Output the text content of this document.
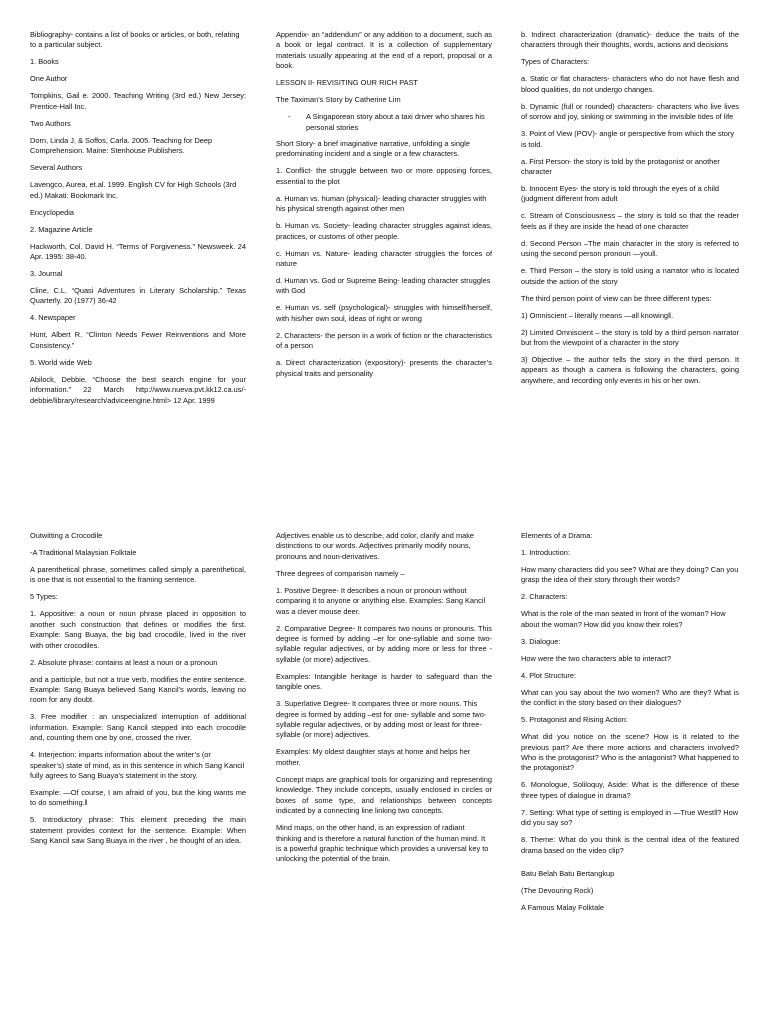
Bibliography- contains a list of books or articles, or both, relating to a particular subject.

1. Books

One Author

Tompkins, Gail e. 2000. Teaching Writing (3rd ed.) New Jersey: Prentice-Hall Inc.

Two Authors

Dorn, Linda J. & Soffos, Carla. 2005. Teaching for Deep Comprehension. Maine: Stenhouse Publishers.

Several Authors

Lavengco, Aurea, et.al. 1999. English CV for High Schools (3rd ed.) Makati: Bookmark Inc.

Encyclopedia

2. Magazine Article

Hackworth, Col. David H. “Terms of Forgiveness.” Newsweek. 24 Apr. 1995: 38-40.

3. Journal

Cline, C.L. “Quasi Adventures in Literary Scholarship.” Texas Quarterly. 20 (1977) 36-42

4. Newspaper

Hunt, Albert R. “Clinton Needs Fewer Reinventions and More Consistency.”

5. World wide Web

Abilock, Debbie. “Choose the best search engine for your information.” 22 March http://www.nueva.pvt.kk12.ca.us/-debbie/library/research/adviceengine.html> 12 Apr. 1999

Appendix- an “addendum” or any addition to a document, such as a book or legal contract. It is a collection of supplementary materials usually appearing at the end of a report, proposal or a book.

LESSON II- REVISITING OUR RICH PAST

The Taximan’s Story by Catherine Lim

- A Singaporean story about a taxi driver who shares his personal stories

Short Story- a brief imaginative narrative, unfolding a single predominating incident and a single or a few characters.

1. Conflict- the struggle between two or more opposing forces, essential to the plot

a. Human vs. human (physical)- leading character struggles with his physical strength against other men

b. Human vs. Society- leading character struggles against ideas, practices, or customs of other people.

c. Human vs. Nature- leading character struggles the forces of nature

d. Human vs. God or Supreme Being- leading character struggles with God

e. Human vs. self (psychological)- struggles with himself/herself, with his/her own soul, ideas of right or wrong

2. Characters- the person in a work of fiction or the characteristics of a person

a. Direct characterization (expository)- presents the character’s physical traits and personality

b. Indirect characterization (dramatic)- deduce the traits of the characters through their thoughts, words, actions and decisions

Types of Characters:

a. Static or flat characters- characters who do not have flesh and blood qualities, do not undergo changes.

b. Dynamic (full or rounded) characters- characters who live lives of sorrow and joy, sinking or swimming in the invisible tides of life

3. Point of View (POV)- angle or perspective from which the story is told.

a. First Person- the story is told by the protagonist or another character

b. Innocent Eyes- the story is told through the eyes of a child (judgment different from adult

c. Stream of Consciousness – the story is told so that the reader feels as if they are inside the head of one character

d. Second Person –The main character in the story is referred to using the second person pronoun ―you‖.

e. Third Person – the story is told using a narrator who is located outside the action of the story

The third person point of view can be three different types:

1) Omniscient – literally means ―all knowing‖.

2) Limited Omniscient – the story is told by a third person narrator but from the viewpoint of a character in the story

3) Objective – the author tells the story in the third person. It appears as though a camera is following the characters, going anywhere, and recording only events in his or her own.

Outwitting a Crocodile

-A Traditional Malaysian Folktale

A parenthetical phrase, sometimes called simply a parenthetical, is one that is not essential to the framing sentence.

5 Types:

1. Appositive: a noun or noun phrase placed in opposition to another such construction that defines or modifies the first. Example: Sang Buaya, the big bad crocodile, lived in the river with other crocodiles.

2. Absolute phrase: contains at least a noun or a pronoun

and a participle, but not a true verb, modifies the entire sentence. Example: Sang Buaya believed Sang Kancil’s words, leaving no room for any doubt.

3. Free modifier : an unspecialized interruption of additional information. Example: Sang Kancil stepped into each crocodile and, counting them one by one, crossed the river.

4. Interjection: imparts information about the writer’s (or speaker’s) state of mind, as in this sentence in which Sang Kancil fully agrees to Sang Buaya’s statement in the story.

Example: ―Of course, I am afraid of you, but the king wants me to do something.‖

5. Introductory phrase: This element preceding the main statement provides context for the sentence. Example: When Sang Kancil saw Sang Buaya in the river , he thought of an idea.

Adjectives enable us to describe, add color, clarify and make distinctions to our words. Adjectives primarily modify nouns, pronouns and noun-derivatives.

Three degrees of comparison namely –

1. Positive Degree- It describes a noun or pronoun without comparing it to anyone or anything else. Examples: Sang Kancil was a clever mouse deer.

2. Comparative Degree- It compares two nouns or pronouns. This degree is formed by adding –er for one-syllable and some two-syllable regular adjectives, or by adding more or less for three -syllable (or more) adjectives.

Examples: Intangible heritage is harder to safeguard than the tangible ones.

3. Superlative Degree- It compares three or more nouns. This degree is formed by adding –est for one- syllable and some two-syllable regular adjectives, or by adding most or least for three-syllable (or more) adjectives.

Examples: My oldest daughter stays at home and helps her mother.

Concept maps are graphical tools for organizing and representing knowledge. They include concepts, usually enclosed in circles or boxes of some type, and relationships between concepts indicated by a connecting line linking two concepts.

Mind maps, on the other hand, is an expression of radiant thinking and is therefore a natural function of the human mind. It is a powerful graphic technique which provides a universal key to unlocking the potential of the brain.

Elements of a Drama:

1. Introduction:

How many characters did you see? What are they doing? Can you grasp the idea of their story through their words?

2. Characters:

What is the role of the man seated in front of the woman? How about the woman? How did you know their roles?

3. Dialogue:

How were the two characters able to interact?

4. Plot Structure:

What can you say about the two women? Who are they? What is the conflict in the story based on their dialogues?

5. Protagonist and Rising Action:

What did you notice on the scene? How is it related to the previous part? Are there more actions and characters involved? Who is the protagonist? Who is the antagonist? What happened to the protagonist?

6. Monologue, Soliloquy, Aside: What is the difference of these three types of dialogue in drama?

7. Setting: What type of setting is employed in ―True West‖? How did you say so?

8. Theme: What do you think is the central idea of the featured drama based on the video clip?

Batu Belah Batu Bertangkup

(The Devouring Rock)

A Famous Malay Folktale
